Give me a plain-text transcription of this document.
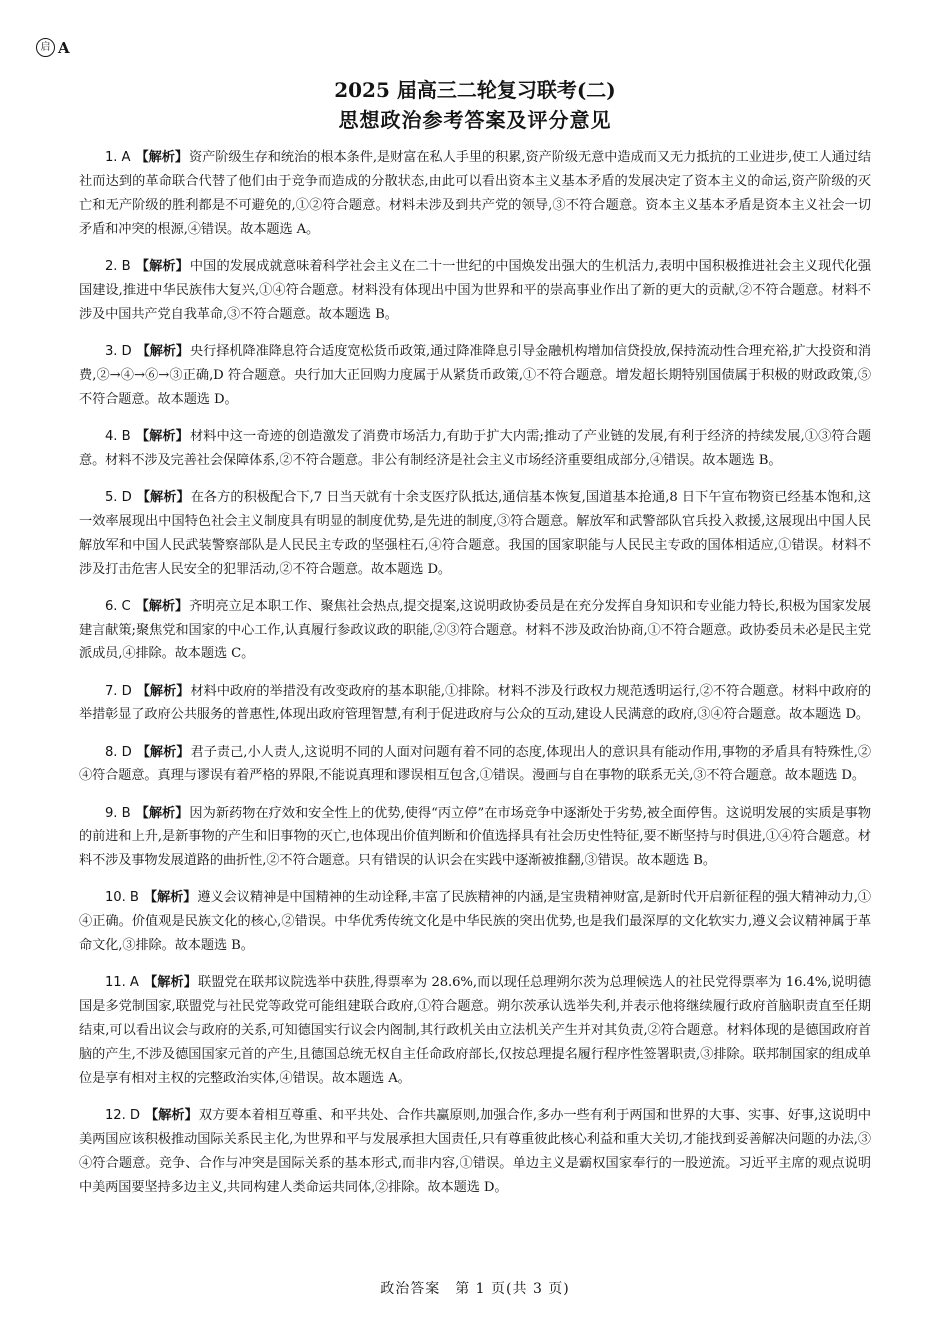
启 A
2025 届高三二轮复习联考(二)
思想政治参考答案及评分意见

1. A 【解析】资产阶级生存和统治的根本条件,是财富在私人手里的积累,资产阶级无意中造成而又无力抵抗的工业进步,使工人通过结社而达到的革命联合代替了他们由于竞争而造成的分散状态,由此可以看出资本主义基本矛盾的发展决定了资本主义的命运,资产阶级的灭亡和无产阶级的胜利都是不可避免的,①②符合题意。材料未涉及到共产党的领导,③不符合题意。资本主义基本矛盾是资本主义社会一切矛盾和冲突的根源,④错误。故本题选 A。

2. B 【解析】中国的发展成就意味着科学社会主义在二十一世纪的中国焕发出强大的生机活力,表明中国积极推进社会主义现代化强国建设,推进中华民族伟大复兴,①④符合题意。材料没有体现出中国为世界和平的崇高事业作出了新的更大的贡献,②不符合题意。材料不涉及中国共产党自我革命,③不符合题意。故本题选 B。

3. D 【解析】央行择机降准降息符合适度宽松货币政策,通过降准降息引导金融机构增加信贷投放,保持流动性合理充裕,扩大投资和消费,②→④→⑥→③正确,D 符合题意。央行加大正回购力度属于从紧货币政策,①不符合题意。增发超长期特别国债属于积极的财政政策,⑤不符合题意。故本题选 D。

4. B 【解析】材料中这一奇迹的创造激发了消费市场活力,有助于扩大内需;推动了产业链的发展,有利于经济的持续发展,①③符合题意。材料不涉及完善社会保障体系,②不符合题意。非公有制经济是社会主义市场经济重要组成部分,④错误。故本题选 B。

5. D 【解析】在各方的积极配合下,7 日当天就有十余支医疗队抵达,通信基本恢复,国道基本抢通,8 日下午宣布物资已经基本饱和,这一效率展现出中国特色社会主义制度具有明显的制度优势,是先进的制度,③符合题意。解放军和武警部队官兵投入救援,这展现出中国人民解放军和中国人民武装警察部队是人民民主专政的坚强柱石,④符合题意。我国的国家职能与人民民主专政的国体相适应,①错误。材料不涉及打击危害人民安全的犯罪活动,②不符合题意。故本题选 D。

6. C 【解析】齐明亮立足本职工作、聚焦社会热点,提交提案,这说明政协委员是在充分发挥自身知识和专业能力特长,积极为国家发展建言献策;聚焦党和国家的中心工作,认真履行参政议政的职能,②③符合题意。材料不涉及政治协商,①不符合题意。政协委员未必是民主党派成员,④排除。故本题选 C。

7. D 【解析】材料中政府的举措没有改变政府的基本职能,①排除。材料不涉及行政权力规范透明运行,②不符合题意。材料中政府的举措彰显了政府公共服务的普惠性,体现出政府管理智慧,有利于促进政府与公众的互动,建设人民满意的政府,③④符合题意。故本题选 D。

8. D 【解析】君子责己,小人责人,这说明不同的人面对问题有着不同的态度,体现出人的意识具有能动作用,事物的矛盾具有特殊性,②④符合题意。真理与谬误有着严格的界限,不能说真理和谬误相互包含,①错误。漫画与自在事物的联系无关,③不符合题意。故本题选 D。

9. B 【解析】因为新药物在疗效和安全性上的优势,使得“丙立停”在市场竞争中逐渐处于劣势,被全面停售。这说明发展的实质是事物的前进和上升,是新事物的产生和旧事物的灭亡,也体现出价值判断和价值选择具有社会历史性特征,要不断坚持与时俱进,①④符合题意。材料不涉及事物发展道路的曲折性,②不符合题意。只有错误的认识会在实践中逐渐被推翻,③错误。故本题选 B。

10. B 【解析】遵义会议精神是中国精神的生动诠释,丰富了民族精神的内涵,是宝贵精神财富,是新时代开启新征程的强大精神动力,①④正确。价值观是民族文化的核心,②错误。中华优秀传统文化是中华民族的突出优势,也是我们最深厚的文化软实力,遵义会议精神属于革命文化,③排除。故本题选 B。

11. A 【解析】联盟党在联邦议院选举中获胜,得票率为 28.6%,而以现任总理朔尔茨为总理候选人的社民党得票率为 16.4%,说明德国是多党制国家,联盟党与社民党等政党可能组建联合政府,①符合题意。朔尔茨承认选举失利,并表示他将继续履行政府首脑职责直至任期结束,可以看出议会与政府的关系,可知德国实行议会内阁制,其行政机关由立法机关产生并对其负责,②符合题意。材料体现的是德国政府首脑的产生,不涉及德国国家元首的产生,且德国总统无权自主任命政府部长,仅按总理提名履行程序性签署职责,③排除。联邦制国家的组成单位是享有相对主权的完整政治实体,④错误。故本题选 A。

12. D 【解析】双方要本着相互尊重、和平共处、合作共赢原则,加强合作,多办一些有利于两国和世界的大事、实事、好事,这说明中美两国应该积极推动国际关系民主化,为世界和平与发展承担大国责任,只有尊重彼此核心利益和重大关切,才能找到妥善解决问题的办法,③④符合题意。竞争、合作与冲突是国际关系的基本形式,而非内容,①错误。单边主义是霸权国家奉行的一股逆流。习近平主席的观点说明中美两国要坚持多边主义,共同构建人类命运共同体,②排除。故本题选 D。

政治答案　第 1 页(共 3 页)
